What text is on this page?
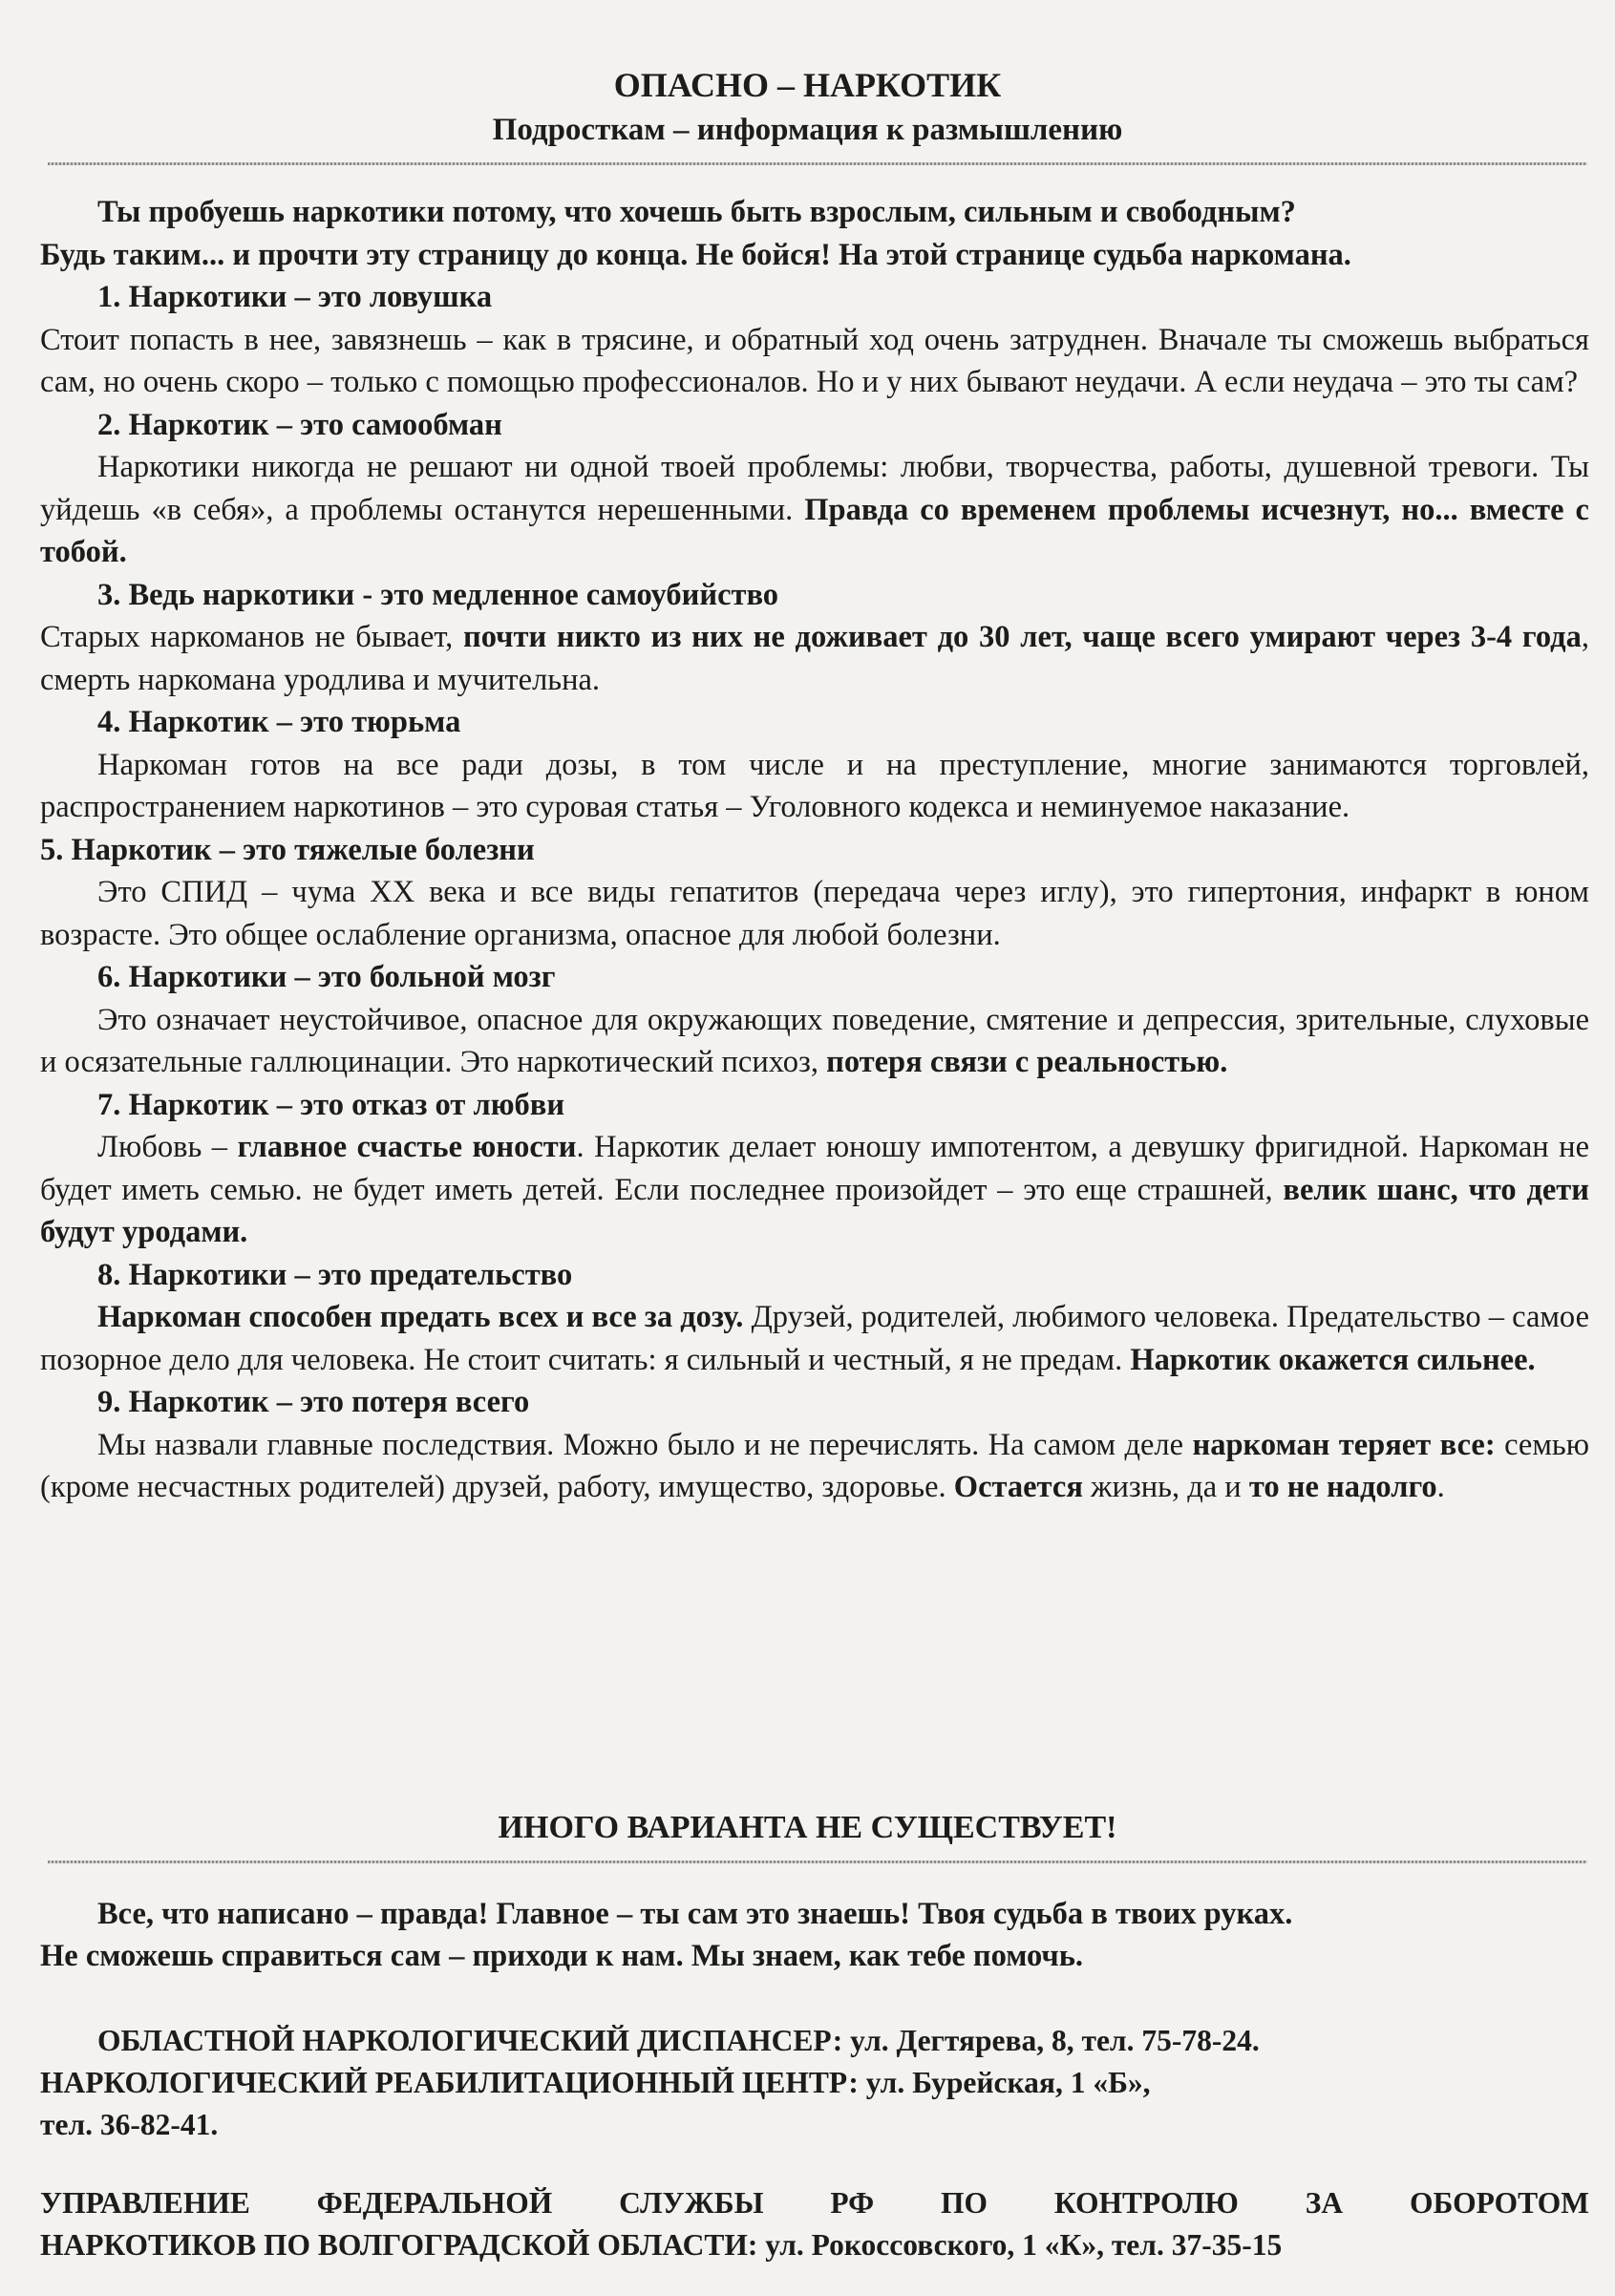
ОПАСНО – НАРКОТИК
Подросткам – информация к размышлению

Ты пробуешь наркотики потому, что хочешь быть взрослым, сильным и свободным?

Будь таким... и прочти эту страницу до конца. Не бойся! На этой странице судьба наркомана.

1. Наркотики – это ловушка

Стоит попасть в нее, завязнешь – как в трясине, и обратный ход очень затруднен. Вначале ты сможешь выбраться сам, но очень скоро – только с помощью профессионалов. Но и у них бывают неудачи. А если неудача – это ты сам?

2. Наркотик – это самообман

Наркотики никогда не решают ни одной твоей проблемы: любви, творчества, работы, душевной тревоги. Ты уйдешь «в себя», а проблемы останутся нерешенными. Правда со временем проблемы исчезнут, но... вместе с тобой.

3. Ведь наркотики - это медленное самоубийство

Старых наркоманов не бывает, почти никто из них не доживает до 30 лет, чаще всего умирают через 3-4 года, смерть наркомана уродлива и мучительна.

4. Наркотик – это тюрьма

Наркоман готов на все ради дозы, в том числе и на преступление, многие занимаются торговлей, распространением наркотинов – это суровая статья – Уголовного кодекса и неминуемое наказание.

5. Наркотик – это тяжелые болезни

Это СПИД – чума XX века и все виды гепатитов (передача через иглу), это гипертония, инфаркт в юном возрасте. Это общее ослабление организма, опасное для любой болезни.

6. Наркотики – это больной мозг

Это означает неустойчивое, опасное для окружающих поведение, смятение и депрессия, зрительные, слуховые и осязательные галлюцинации. Это наркотический психоз, потеря связи с реальностью.

7. Наркотик – это отказ от любви

Любовь – главное счастье юности. Наркотик делает юношу импотентом, а девушку фригидной. Наркоман не будет иметь семью. не будет иметь детей. Если последнее произойдет – это еще страшней, велик шанс, что дети будут уродами.

8. Наркотики – это предательство

Наркоман способен предать всех и все за дозу. Друзей, родителей, любимого человека. Предательство – самое позорное дело для человека. Не стоит считать: я сильный и честный, я не предам. Наркотик окажется сильнее.

9. Наркотик – это потеря всего

Мы назвали главные последствия. Можно было и не перечислять. На самом деле наркоман теряет все: семью (кроме несчастных родителей) друзей, работу, имущество, здоровье. Остается жизнь, да и то не надолго.

ИНОГО ВАРИАНТА НЕ СУЩЕСТВУЕТ!

Все, что написано – правда! Главное – ты сам это знаешь! Твоя судьба в твоих руках.

Не сможешь справиться сам – приходи к нам. Мы знаем, как тебе помочь.

ОБЛАСТНОЙ НАРКОЛОГИЧЕСКИЙ ДИСПАНСЕР: ул. Дегтярева, 8, тел. 75-78-24.

НАРКОЛОГИЧЕСКИЙ РЕАБИЛИТАЦИОННЫЙ ЦЕНТР: ул. Бурейская, 1 «Б»,

тел. 36-82-41.

УПРАВЛЕНИЕ ФЕДЕРАЛЬНОЙ СЛУЖБЫ РФ ПО КОНТРОЛЮ ЗА ОБОРОТОМ
НАРКОТИКОВ ПО ВОЛГОГРАДСКОЙ ОБЛАСТИ: ул. Рокоссовского, 1 «К», тел. 37-35-15
